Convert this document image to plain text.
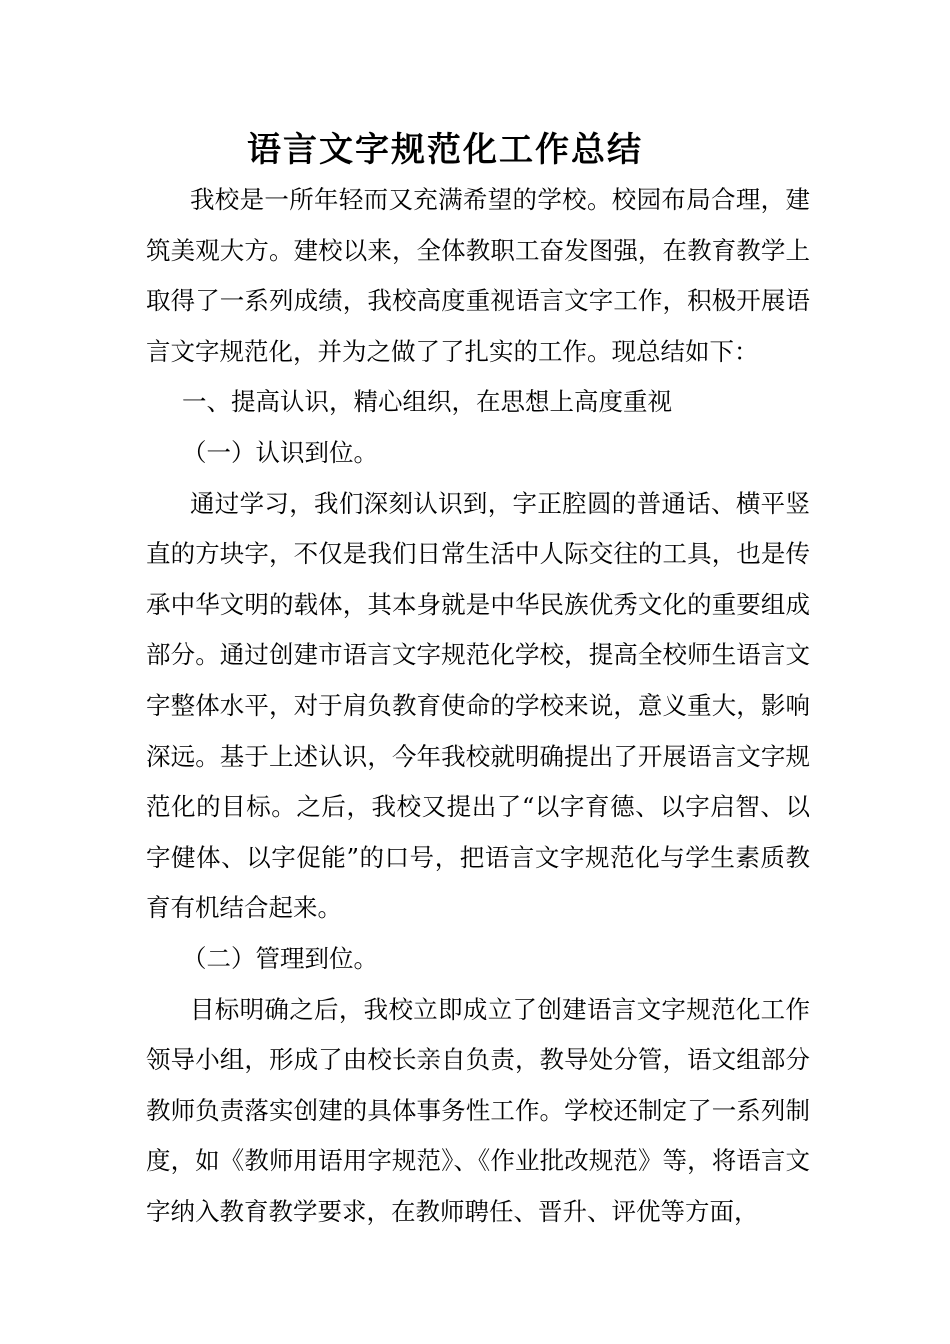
语言文字规范化工作总结

我校是一所年轻而又充满希望的学校。校园布局合理，建筑美观大方。建校以来，全体教职工奋发图强，在教育教学上取得了一系列成绩，我校高度重视语言文字工作，积极开展语言文字规范化，并为之做了了扎实的工作。现总结如下：

一、提高认识，精心组织，在思想上高度重视

（一）认识到位。

通过学习，我们深刻认识到，字正腔圆的普通话、横平竖直的方块字，不仅是我们日常生活中人际交往的工具，也是传承中华文明的载体，其本身就是中华民族优秀文化的重要组成部分。通过创建市语言文字规范化学校，提高全校师生语言文字整体水平，对于肩负教育使命的学校来说，意义重大，影响深远。基于上述认识，今年我校就明确提出了开展语言文字规范化的目标。之后，我校又提出了“以字育德、以字启智、以字健体、以字促能”的口号，把语言文字规范化与学生素质教育有机结合起来。

（二）管理到位。

目标明确之后，我校立即成立了创建语言文字规范化工作领导小组，形成了由校长亲自负责，教导处分管，语文组部分教师负责落实创建的具体事务性工作。学校还制定了一系列制度，如《教师用语用字规范》、《作业批改规范》等，将语言文字纳入教育教学要求，在教师聘任、晋升、评优等方面，
